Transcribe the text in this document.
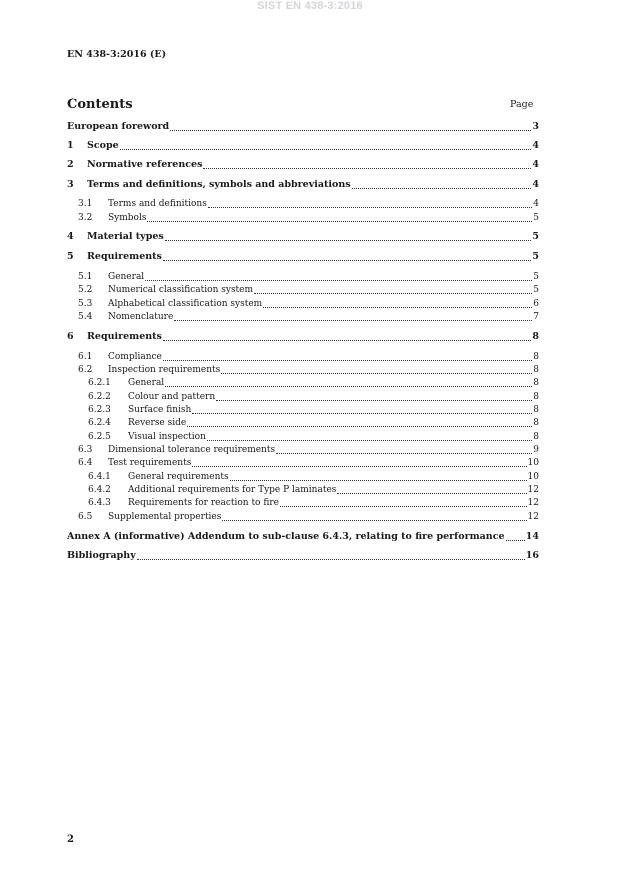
SIST EN 438-3:2016
EN 438-3:2016 (E)
Contents	Page
European foreword	3
1	Scope	4
2	Normative references	4
3	Terms and definitions, symbols and abbreviations	4
3.1	Terms and definitions	4
3.2	Symbols	5
4	Material types	5
5	Requirements	5
5.1	General	5
5.2	Numerical classification system	5
5.3	Alphabetical classification system	6
5.4	Nomenclature	7
6	Requirements	8
6.1	Compliance	8
6.2	Inspection requirements	8
6.2.1	General	8
6.2.2	Colour and pattern	8
6.2.3	Surface finish	8
6.2.4	Reverse side	8
6.2.5	Visual inspection	8
6.3	Dimensional tolerance requirements	9
6.4	Test requirements	10
6.4.1	General requirements	10
6.4.2	Additional requirements for Type P laminates	12
6.4.3	Requirements for reaction to fire	12
6.5	Supplemental properties	12
Annex A (informative) Addendum to sub-clause 6.4.3, relating to fire performance 14
Bibliography	16
2
